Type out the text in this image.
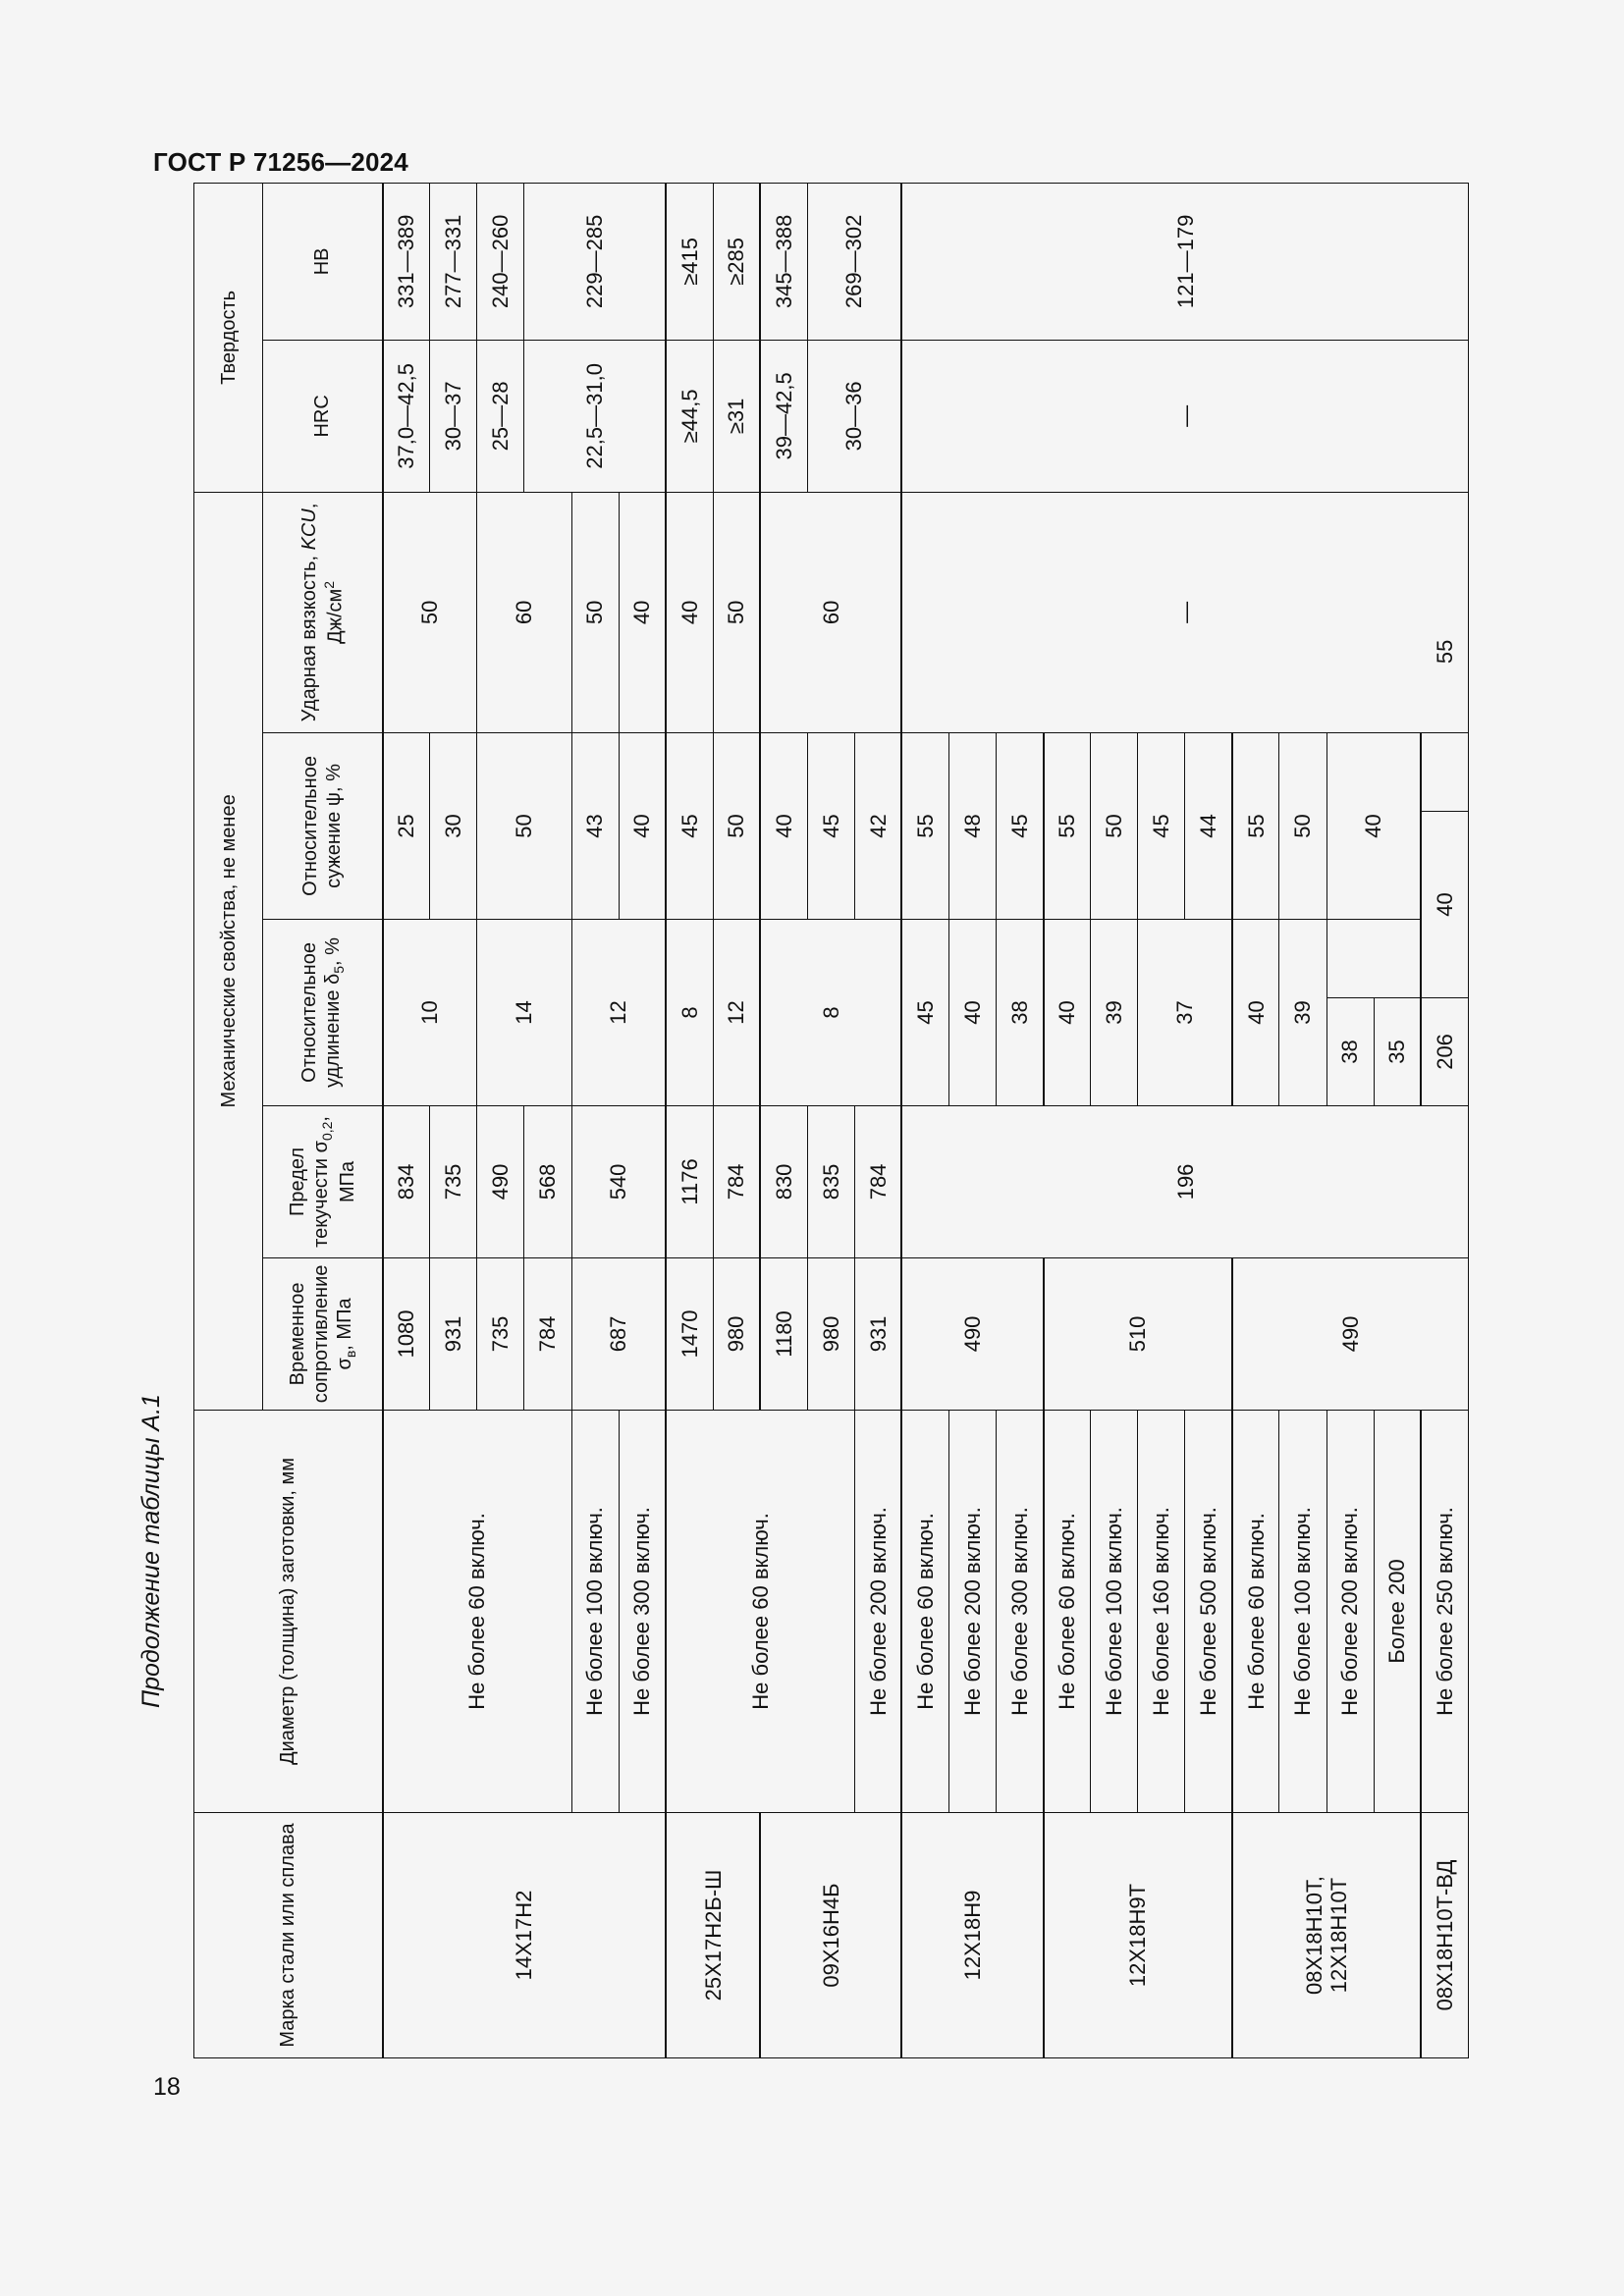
ГОСТ Р 71256—2024
18
Продолжение таблицы А.1
Марка стали или сплава	Диаметр (толщина) заготовки, мм	Механические свойства, не менее							Твердость	
		Временное сопротивление $\sigma_в$, МПа	Предел текучести $\sigma_{0,2}$, МПа	Относительное удлинение $\delta_5$, %		Относительное сужение ψ, %		Ударная вязкость, KCU, $Дж/см^2$	HRC	HB

14Х17Н2	Не более 60 включ.	1080	834	10		25		50	37,0—42,5	331—389
		931	735			30			30—37	277—331
		735	490	14		50		60	25—28	240—260
		784	568						22,5—31,0	229—285
	Не более 100 включ.	687	540	12		43		50		
	Не более 300 включ.					40		40		
25Х17Н2Б-Ш	Не более 60 включ.	1470	1176	8		45		40	≥44,5	≥415
		980	784	12		50		50	≥31	≥285
09Х16Н4Б		1180	830	8		40		60	39—42,5	345—388
		980	835			45			30—36	269—302
	Не более 200 включ.	931	784			42				
12Х18Н9	Не более 60 включ.	490	196	45		55		—	—	121—179
	Не более 200 включ.			40		48				
	Не более 300 включ.			38		45				
12Х18Н9Т	Не более 60 включ.	510		40		55				
	Не более 100 включ.			39		50				
	Не более 160 включ.			37		45				
	Не более 500 включ.					44				
08Х18Н10Т, 12Х18Н10Т	Не более 60 включ.	490		40		55				
	Не более 100 включ.			39		50				
	Не более 200 включ.			38		40				
	Более 200			35						
08Х18Н10Т-ВД	Не более 250 включ.			206	40		55			
